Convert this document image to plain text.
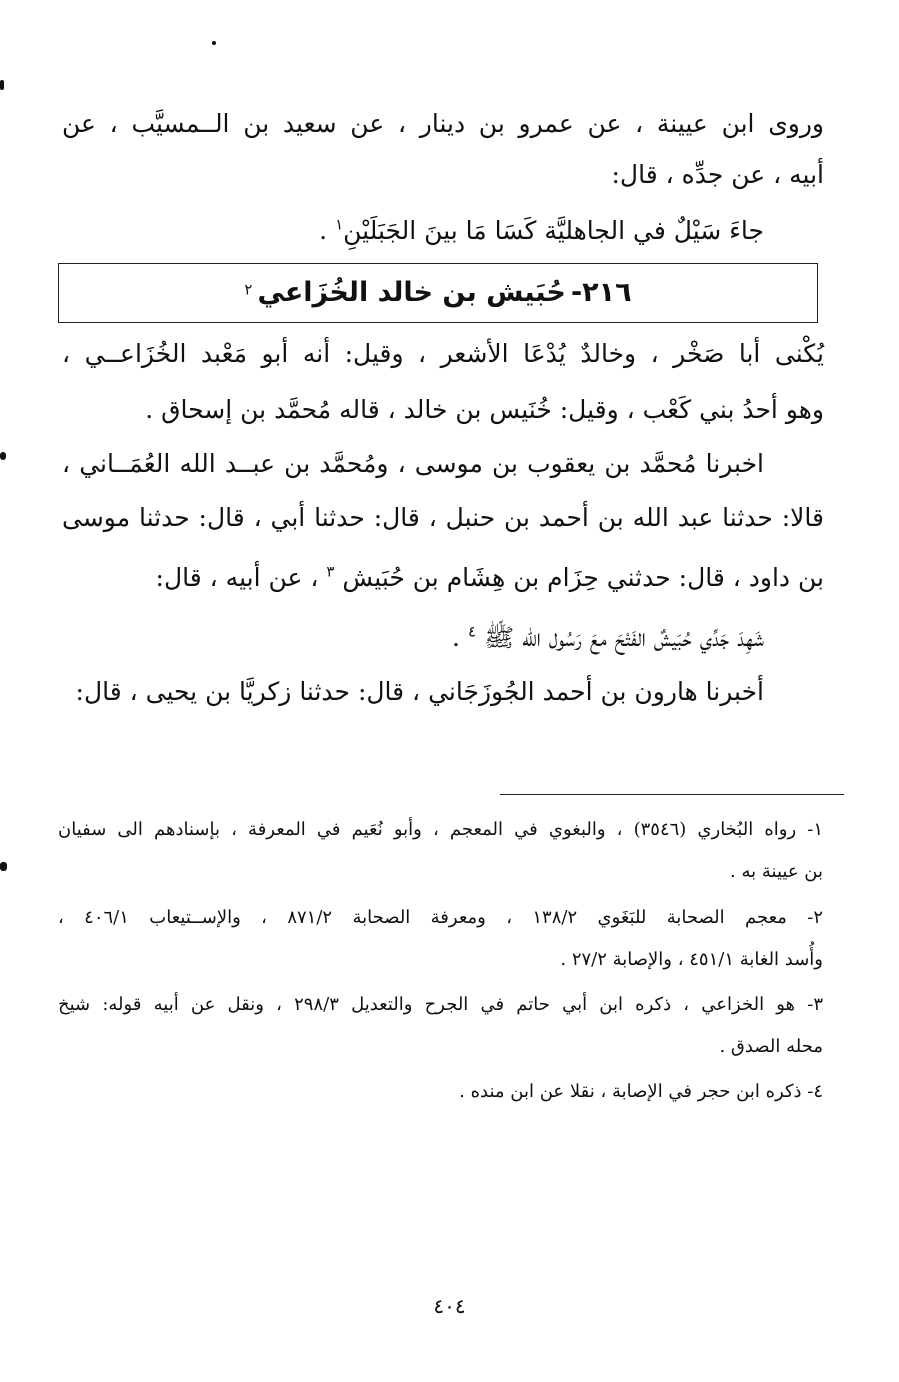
وروى ابن عيينة ، عن عمرو بن دينار ، عن سعيد بن الــمسيَّب ، عن
أبيه ، عن جدِّه ، قال:
جاءَ سَيْلٌ في الجاهليَّة كَسَا مَا بينَ الجَبَلَيْنِ$^١$ .
٢١٦- حُبَيش بن خالد الخُزَاعي ٢
يُكْنى أبا صَخْر ، وخالدٌ يُدْعَا الأشعر ، وقيل: أنه أبو مَعْبد الخُزَاعــي ،
وهو أحدُ بني كَعْب ، وقيل: خُنَيس بن خالد ، قاله مُحمَّد بن إسحاق .
اخبرنا مُحمَّد بن يعقوب بن موسى ، ومُحمَّد بن عبــد الله العُمَــاني ،
قالا: حدثنا عبد الله بن أحمد بن حنبل ، قال: حدثنا أبي ، قال: حدثنا موسى
بن داود ، قال: حدثني حِزَام بن هِشَام بن حُبَيش $^٣$ ، عن أبيه ، قال:
شَهِدَ جَدِّي حُبَيشٌ الفَتْحَ معَ رَسُول الله ﷺ $^٤$ .
أخبرنا هارون بن أحمد الجُوزَجَاني ، قال: حدثنا زكريَّا بن يحيى ، قال:
١- رواه البُخاري (٣٥٤٦) ، والبغوي في المعجم ، وأبو نُعَيم في المعرفة ، بإسنادهم الى سفيان
بن عيينة به .
٢- معجم الصحابة للبَغَوي ١٣٨/٢ ، ومعرفة الصحابة ٨٧١/٢ ، والإســتيعاب ٤٠٦/١ ،
وأُسد الغابة ٤٥١/١ ، والإصابة ٢٧/٢ .
٣- هو الخزاعي ، ذكره ابن أبي حاتم في الجرح والتعديل ٢٩٨/٣ ، ونقل عن أبيه قوله: شيخ
محله الصدق .
٤- ذكره ابن حجر في الإصابة ، نقلا عن ابن منده .
٤٠٤
